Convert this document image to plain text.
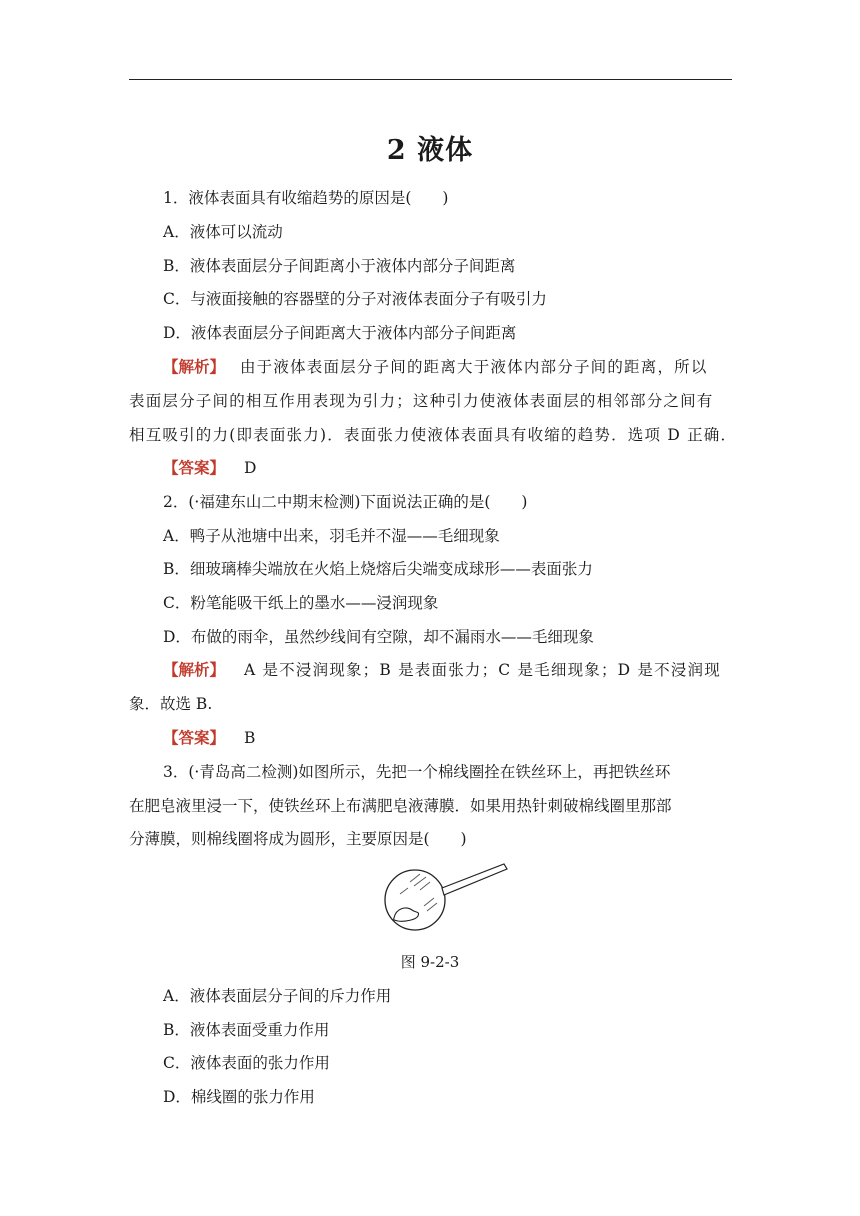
2 液体
1．液体表面具有收缩趋势的原因是(　　)
A．液体可以流动
B．液体表面层分子间距离小于液体内部分子间距离
C．与液面接触的容器壁的分子对液体表面分子有吸引力
D．液体表面层分子间距离大于液体内部分子间距离
【解析】 由于液体表面层分子间的距离大于液体内部分子间的距离，所以
表面层分子间的相互作用表现为引力；这种引力使液体表面层的相邻部分之间有
相互吸引的力(即表面张力)．表面张力使液体表面具有收缩的趋势．选项 D 正确．
【答案】 D
2．(·福建东山二中期末检测)下面说法正确的是(　　)
A．鸭子从池塘中出来，羽毛并不湿——毛细现象
B．细玻璃棒尖端放在火焰上烧熔后尖端变成球形——表面张力
C．粉笔能吸干纸上的墨水——浸润现象
D．布做的雨伞，虽然纱线间有空隙，却不漏雨水——毛细现象
【解析】 A 是不浸润现象；B 是表面张力；C 是毛细现象；D 是不浸润现
象．故选 B.
【答案】 B
3．(·青岛高二检测)如图所示，先把一个棉线圈拴在铁丝环上，再把铁丝环
在肥皂液里浸一下，使铁丝环上布满肥皂液薄膜．如果用热针刺破棉线圈里那部
分薄膜，则棉线圈将成为圆形，主要原因是(　　)
图 9-2-3
A．液体表面层分子间的斥力作用
B．液体表面受重力作用
C．液体表面的张力作用
D．棉线圈的张力作用
